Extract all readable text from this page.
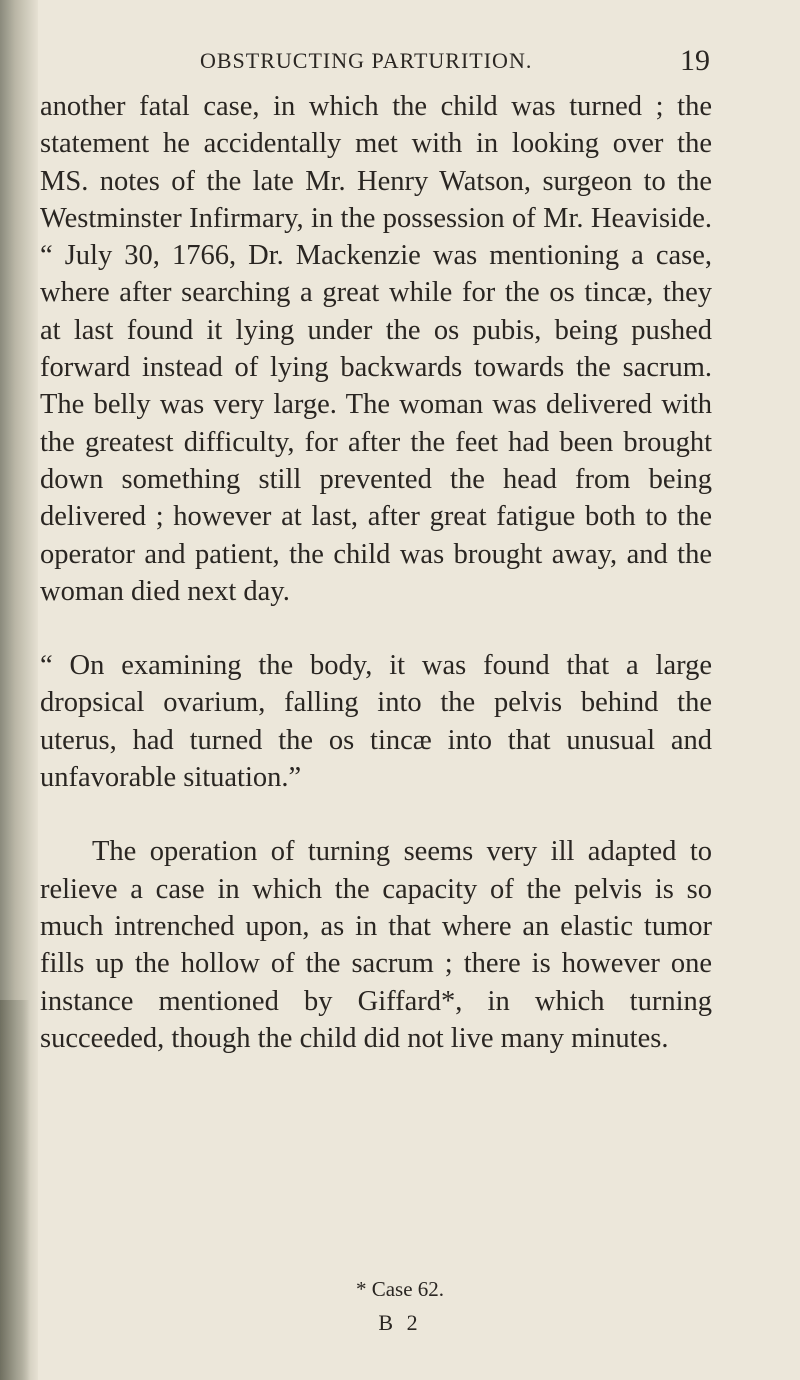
OBSTRUCTING PARTURITION.	19

another fatal case, in which the child was turned ; the statement he accidentally met with in looking over the MS. notes of the late Mr. Henry Watson, surgeon to the Westminster Infirmary, in the possession of Mr. Heaviside. “ July 30, 1766, Dr. Mackenzie was mentioning a case, where after searching a great while for the os tincæ, they at last found it lying under the os pubis, being pushed forward instead of lying backwards towards the sacrum. The belly was very large. The woman was delivered with the greatest difficulty, for after the feet had been brought down something still prevented the head from being delivered ; however at last, after great fatigue both to the operator and patient, the child was brought away, and the woman died next day.

“ On examining the body, it was found that a large dropsical ovarium, falling into the pelvis behind the uterus, had turned the os tincæ into that unusual and unfavorable situation.”

The operation of turning seems very ill adapted to relieve a case in which the capacity of the pelvis is so much intrenched upon, as in that where an elastic tumor fills up the hollow of the sacrum ; there is however one instance mentioned by Giffard*, in which turning succeeded, though the child did not live many minutes.

* Case 62.
B 2
